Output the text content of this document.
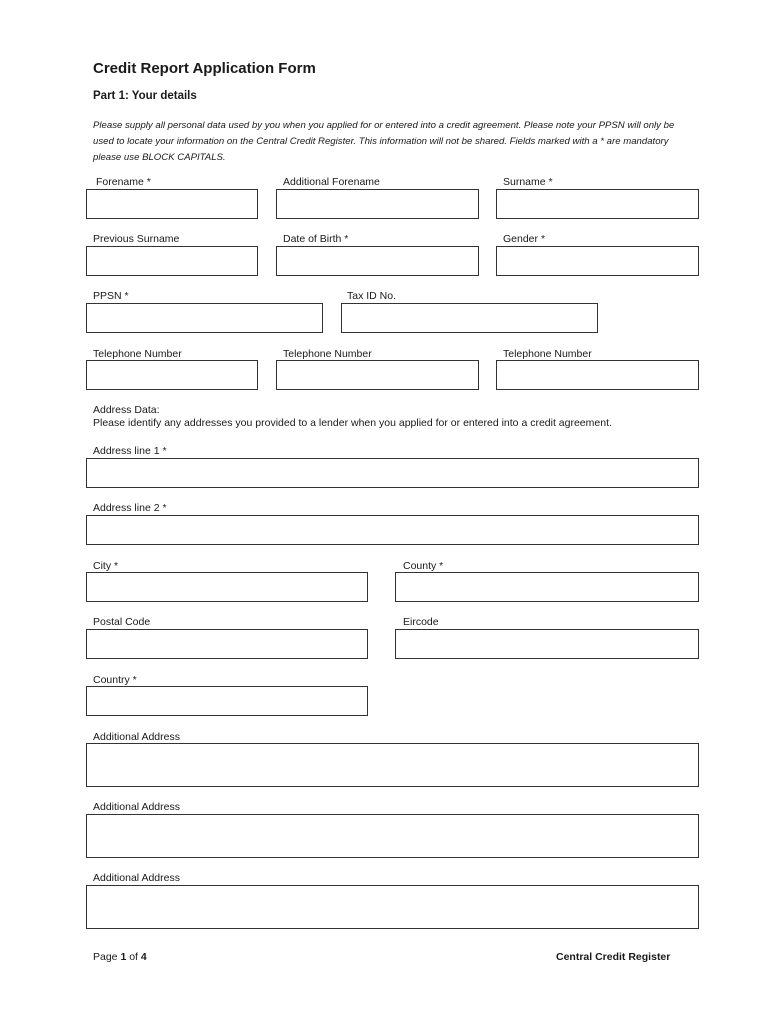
Credit Report Application Form
Part 1: Your details
Please supply all personal data used by you when you applied for or entered into a credit agreement. Please note your PPSN will only be used to locate your information on the Central Credit Register. This information will not be shared. Fields marked with a * are mandatory please use BLOCK CAPITALS.
Forename *	Additional Forename	Surname *
Previous Surname	Date of Birth *	Gender *
PPSN *	Tax ID No.
Telephone Number	Telephone Number	Telephone Number
Address Data:
Please identify any addresses you provided to a lender when you applied for or entered into a credit agreement.
Address line 1 *
Address line 2 *
City *	County *
Postal Code	Eircode
Country *
Additional Address
Additional Address
Additional Address
Page 1 of 4	Central Credit Register
